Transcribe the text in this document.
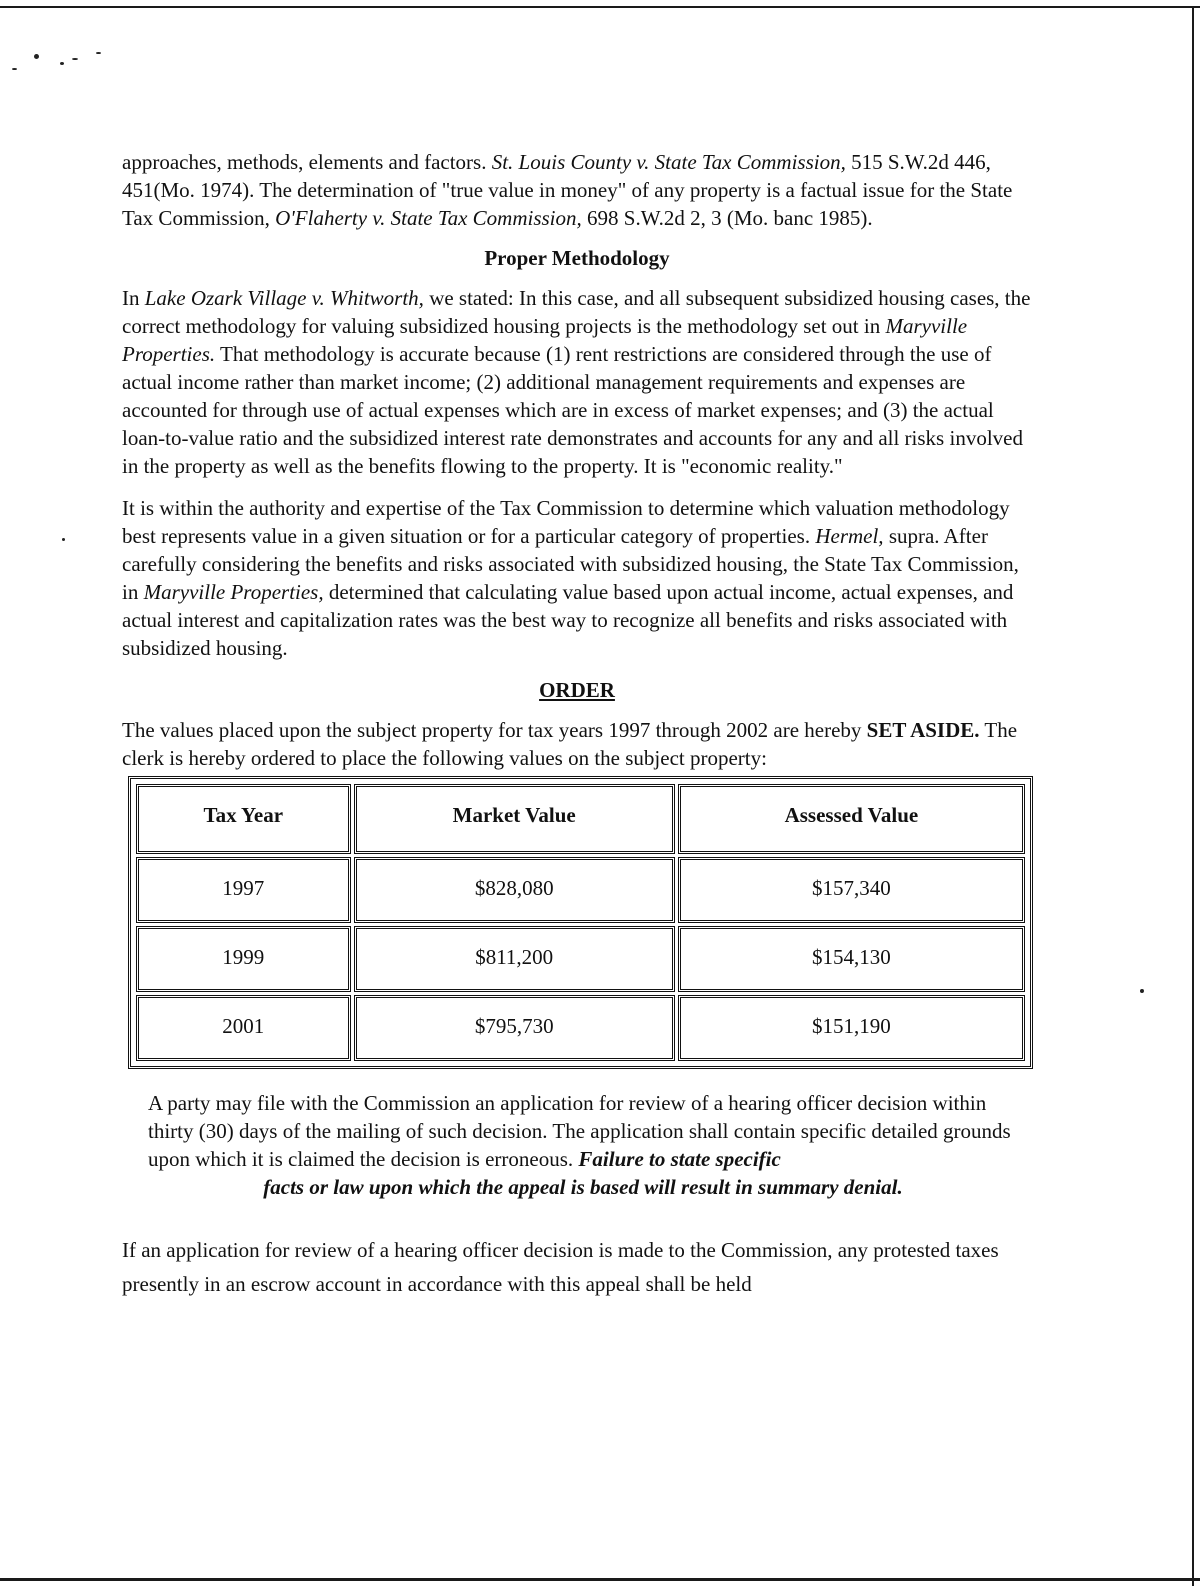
approaches, methods, elements and factors. St. Louis County v. State Tax Commission, 515 S.W.2d 446, 451(Mo. 1974). The determination of "true value in money" of any property is a factual issue for the State Tax Commission, O'Flaherty v. State Tax Commission, 698 S.W.2d 2, 3 (Mo. banc 1985).

Proper Methodology

In Lake Ozark Village v. Whitworth, we stated: In this case, and all subsequent subsidized housing cases, the correct methodology for valuing subsidized housing projects is the methodology set out in Maryville Properties. That methodology is accurate because (1) rent restrictions are considered through the use of actual income rather than market income; (2) additional management requirements and expenses are accounted for through use of actual expenses which are in excess of market expenses; and (3) the actual loan-to-value ratio and the subsidized interest rate demonstrates and accounts for any and all risks involved in the property as well as the benefits flowing to the property. It is "economic reality."

It is within the authority and expertise of the Tax Commission to determine which valuation methodology best represents value in a given situation or for a particular category of properties. Hermel, supra. After carefully considering the benefits and risks associated with subsidized housing, the State Tax Commission, in Maryville Properties, determined that calculating value based upon actual income, actual expenses, and actual interest and capitalization rates was the best way to recognize all benefits and risks associated with subsidized housing.

ORDER

The values placed upon the subject property for tax years 1997 through 2002 are hereby SET ASIDE. The clerk is hereby ordered to place the following values on the subject property:

Tax Year	Market Value	Assessed Value
1997	$828,080	$157,340
1999	$811,200	$154,130
2001	$795,730	$151,190
A party may file with the Commission an application for review of a hearing officer decision within thirty (30) days of the mailing of such decision. The application shall contain specific detailed grounds upon which it is claimed the decision is erroneous. Failure to state specific
facts or law upon which the appeal is based will result in summary denial.

If an application for review of a hearing officer decision is made to the Commission, any protested taxes presently in an escrow account in accordance with this appeal shall be held
